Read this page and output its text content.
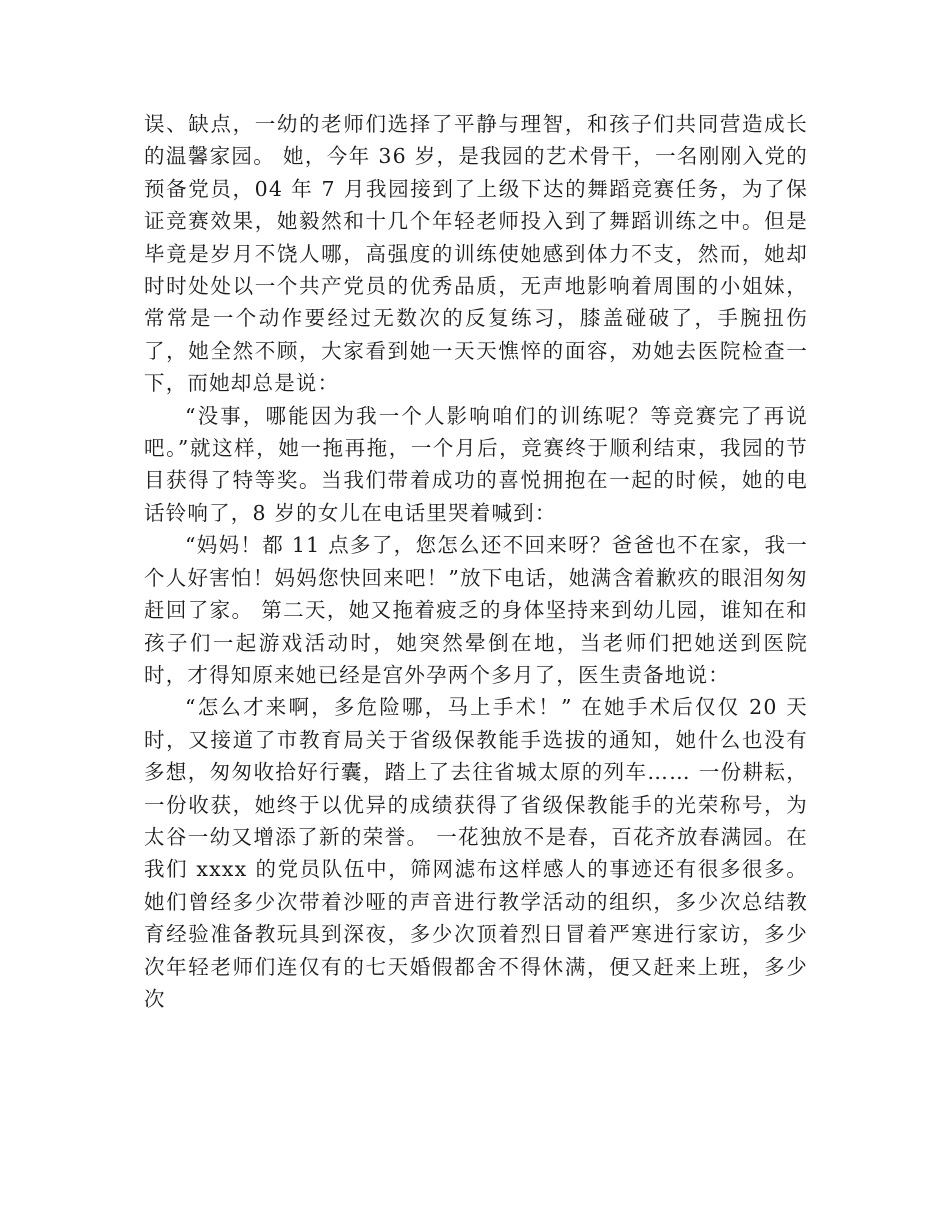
误、缺点，一幼的老师们选择了平静与理智，和孩子们共同营造成长的温馨家园。 她，今年 36 岁，是我园的艺术骨干，一名刚刚入党的预备党员，04 年 7 月我园接到了上级下达的舞蹈竞赛任务，为了保证竞赛效果，她毅然和十几个年轻老师投入到了舞蹈训练之中。但是毕竟是岁月不饶人哪，高强度的训练使她感到体力不支，然而，她却时时处处以一个共产党员的优秀品质，无声地影响着周围的小姐妹，常常是一个动作要经过无数次的反复练习，膝盖碰破了，手腕扭伤了，她全然不顾，大家看到她一天天憔悴的面容，劝她去医院检查一下，而她却总是说：

“没事，哪能因为我一个人影响咱们的训练呢？等竞赛完了再说吧。”就这样，她一拖再拖，一个月后，竞赛终于顺利结束，我园的节目获得了特等奖。当我们带着成功的喜悦拥抱在一起的时候，她的电话铃响了，8 岁的女儿在电话里哭着喊到：

“妈妈！都 11 点多了，您怎么还不回来呀？爸爸也不在家，我一个人好害怕！妈妈您快回来吧！”放下电话，她满含着歉疚的眼泪匆匆赶回了家。 第二天，她又拖着疲乏的身体坚持来到幼儿园，谁知在和孩子们一起游戏活动时，她突然晕倒在地，当老师们把她送到医院时，才得知原来她已经是宫外孕两个多月了，医生责备地说：

“怎么才来啊，多危险哪，马上手术！” 在她手术后仅仅 20 天时，又接道了市教育局关于省级保教能手选拔的通知，她什么也没有多想，匆匆收拾好行囊，踏上了去往省城太原的列车…… 一份耕耘，一份收获，她终于以优异的成绩获得了省级保教能手的光荣称号，为太谷一幼又增添了新的荣誉。 一花独放不是春，百花齐放春满园。在我们 xxxx 的党员队伍中，筛网滤布这样感人的事迹还有很多很多。她们曾经多少次带着沙哑的声音进行教学活动的组织，多少次总结教育经验准备教玩具到深夜，多少次顶着烈日冒着严寒进行家访，多少次年轻老师们连仅有的七天婚假都舍不得休满，便又赶来上班，多少次
